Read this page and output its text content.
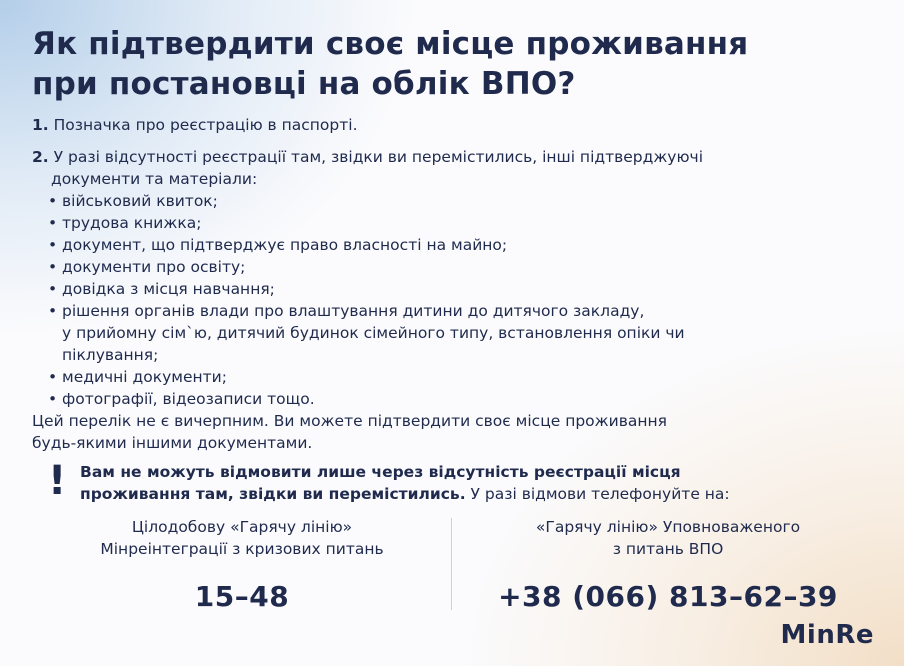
Як підтвердити своє місце проживання
при постановці на облік ВПО?

1. Позначка про реєстрацію в паспорті.

2. У разі відсутності реєстрації там, звідки ви перемістились, інші підтверджуючі

документи та матеріали:

• військовий квиток;
• трудова книжка;
• документ, що підтверджує право власності на майно;
• документи про освіту;
• довідка з місця навчання;
• рішення органів влади про влаштування дитини до дитячого закладу,
у прийомну сім`ю, дитячий будинок сімейного типу, встановлення опіки чи
піклування;
• медичні документи;
• фотографії, відеозаписи тощо.
Цей перелік не є вичерпним. Ви можете підтвердити своє місце проживання
будь-якими іншими документами.
! Вам не можуть відмовити лише через відсутність реєстрації місця
проживання там, звідки ви перемістились. У разі відмови телефонуйте на:
Цілодобову «Гарячу лінію»
Мінреінтеграції з кризових питань
15–48
«Гарячу лінію» Уповноваженого
з питань ВПО
+38 (066) 813–62–39
MinRe
